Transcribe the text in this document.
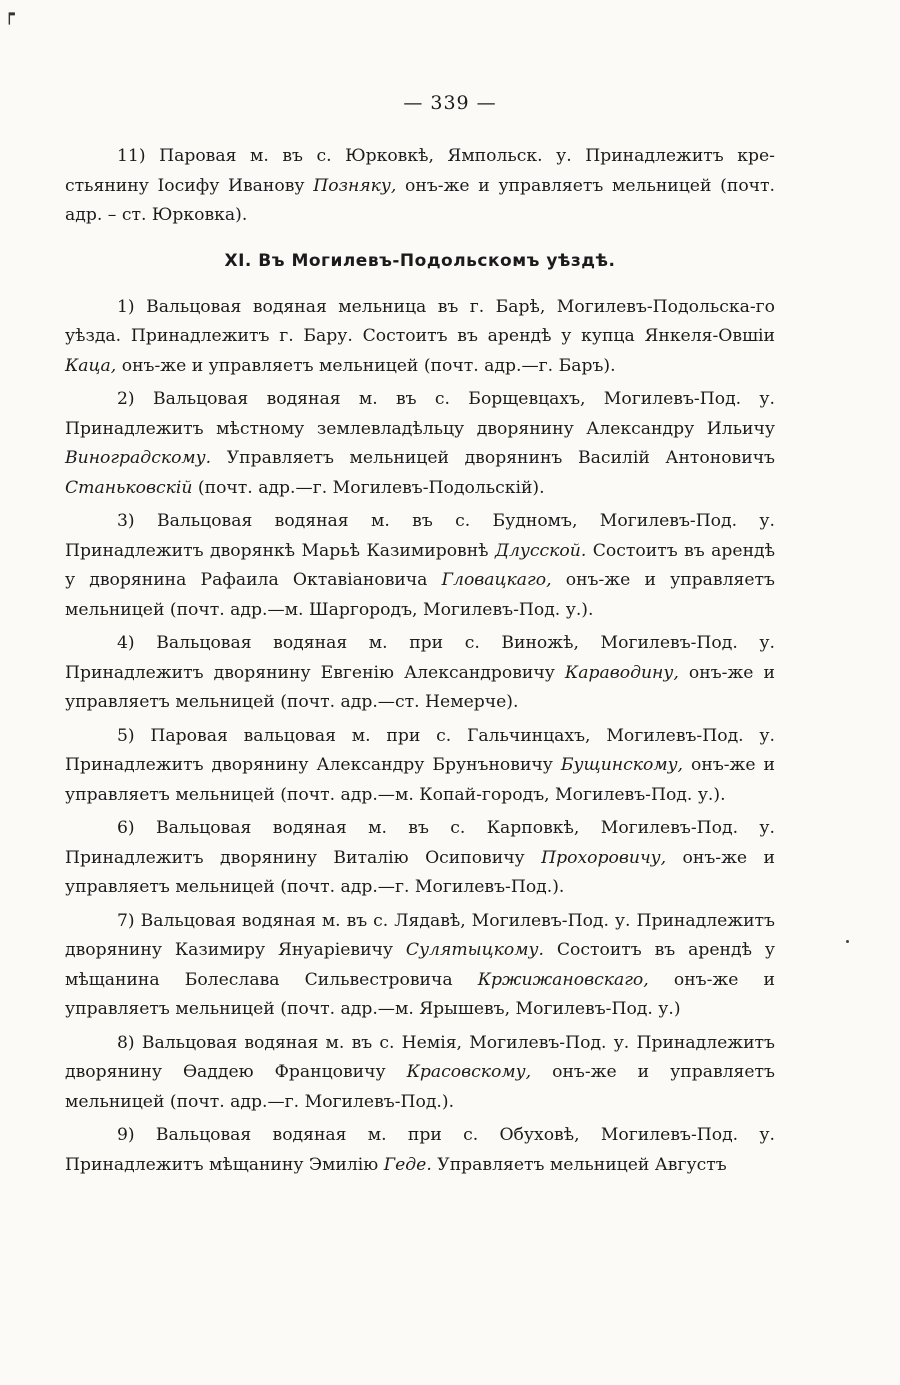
┍
— 339 —

11) Паровая м. въ с. Юрковкѣ, Ямпольск. у. Принадлежитъ кре- стьянину Іосифу Иванову Позняку, онъ-же и управляетъ мельницей (почт. адр. – ст. Юрковка).

XI. Въ Могилевъ-Подольскомъ уѣздѣ.

1) Вальцовая водяная мельница въ г. Барѣ, Могилевъ-Подольска-го уѣзда. Принадлежитъ г. Бару. Состоитъ въ арендѣ у купца Янкеля-Овшіи Каца, онъ-же и управляетъ мельницей (почт. адр.—г. Баръ).

2) Вальцовая водяная м. въ с. Борщевцахъ, Могилевъ-Под. у. Принадлежитъ мѣстному землевладѣльцу дворянину Александру Ильичу Виноградскому. Управляетъ мельницей дворянинъ Василій Антоновичъ Станьковскій (почт. адр.—г. Могилевъ-Подольскій).

3) Вальцовая водяная м. въ с. Будномъ, Могилевъ-Под. у. Принадлежитъ дворянкѣ Марьѣ Казимировнѣ Длусской. Состоитъ въ арендѣ у дворянина Рафаила Октавіановича Гловацкаго, онъ-же и управляетъ мельницей (почт. адр.—м. Шаргородъ, Могилевъ-Под. у.).

4) Вальцовая водяная м. при с. Виножѣ, Могилевъ-Под. у. Принадлежитъ дворянину Евгенію Александровичу Караводину, онъ-же и управляетъ мельницей (почт. адр.—ст. Немерче).

5) Паровая вальцовая м. при с. Гальчинцахъ, Могилевъ-Под. у. Принадлежитъ дворянину Александру Брунъновичу Бущинскому, онъ-же и управляетъ мельницей (почт. адр.—м. Копай-городъ, Могилевъ-Под. у.).

6) Вальцовая водяная м. въ с. Карповкѣ, Могилевъ-Под. у. Принадлежитъ дворянину Виталію Осиповичу Прохоровичу, онъ-же и управляетъ мельницей (почт. адр.—г. Могилевъ-Под.).

7) Вальцовая водяная м. въ с. Лядавѣ, Могилевъ-Под. у. Принадлежитъ дворянину Казимиру Януаріевичу Сулятыцкому. Состоитъ въ арендѣ у мѣщанина Болеслава Сильвестровича Кржижановскаго, онъ-же и управляетъ мельницей (почт. адр.—м. Ярышевъ, Могилевъ-Под. у.)

8) Вальцовая водяная м. въ с. Немія, Могилевъ-Под. у. Принадлежитъ дворянину Ѳаддею Францовичу Красовскому, онъ-же и управляетъ мельницей (почт. адр.—г. Могилевъ-Под.).

9) Вальцовая водяная м. при с. Обуховѣ, Могилевъ-Под. у. Принадлежитъ мѣщанину Эмилію Геде. Управляетъ мельницей Августъ
